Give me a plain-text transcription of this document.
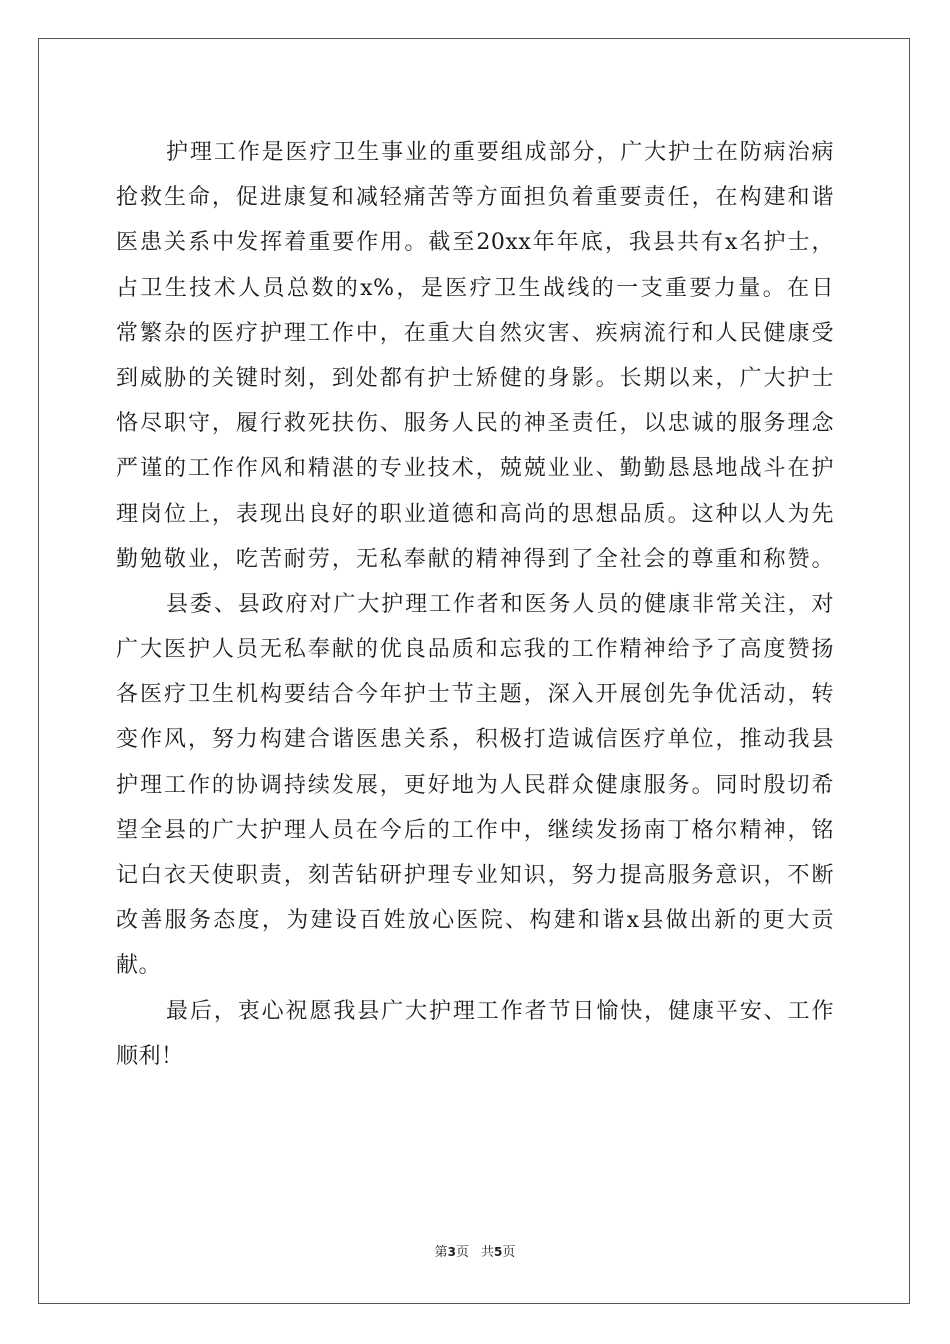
护理工作是医疗卫生事业的重要组成部分，广大护士在防病治病
抢救生命，促进康复和减轻痛苦等方面担负着重要责任，在构建和谐
医患关系中发挥着重要作用。截至20xx年年底，我县共有x名护士，
占卫生技术人员总数的x%，是医疗卫生战线的一支重要力量。在日
常繁杂的医疗护理工作中，在重大自然灾害、疾病流行和人民健康受
到威胁的关键时刻，到处都有护士矫健的身影。长期以来，广大护士
恪尽职守，履行救死扶伤、服务人民的神圣责任，以忠诚的服务理念
严谨的工作作风和精湛的专业技术，兢兢业业、勤勤恳恳地战斗在护
理岗位上，表现出良好的职业道德和高尚的思想品质。这种以人为先
勤勉敬业，吃苦耐劳，无私奉献的精神得到了全社会的尊重和称赞。
县委、县政府对广大护理工作者和医务人员的健康非常关注，对
广大医护人员无私奉献的优良品质和忘我的工作精神给予了高度赞扬
各医疗卫生机构要结合今年护士节主题，深入开展创先争优活动，转
变作风，努力构建合谐医患关系，积极打造诚信医疗单位，推动我县
护理工作的协调持续发展，更好地为人民群众健康服务。同时殷切希
望全县的广大护理人员在今后的工作中，继续发扬南丁格尔精神，铭
记白衣天使职责，刻苦钻研护理专业知识，努力提高服务意识，不断
改善服务态度，为建设百姓放心医院、构建和谐x县做出新的更大贡
献。
最后，衷心祝愿我县广大护理工作者节日愉快，健康平安、工作
顺利！
第3页 共5页
